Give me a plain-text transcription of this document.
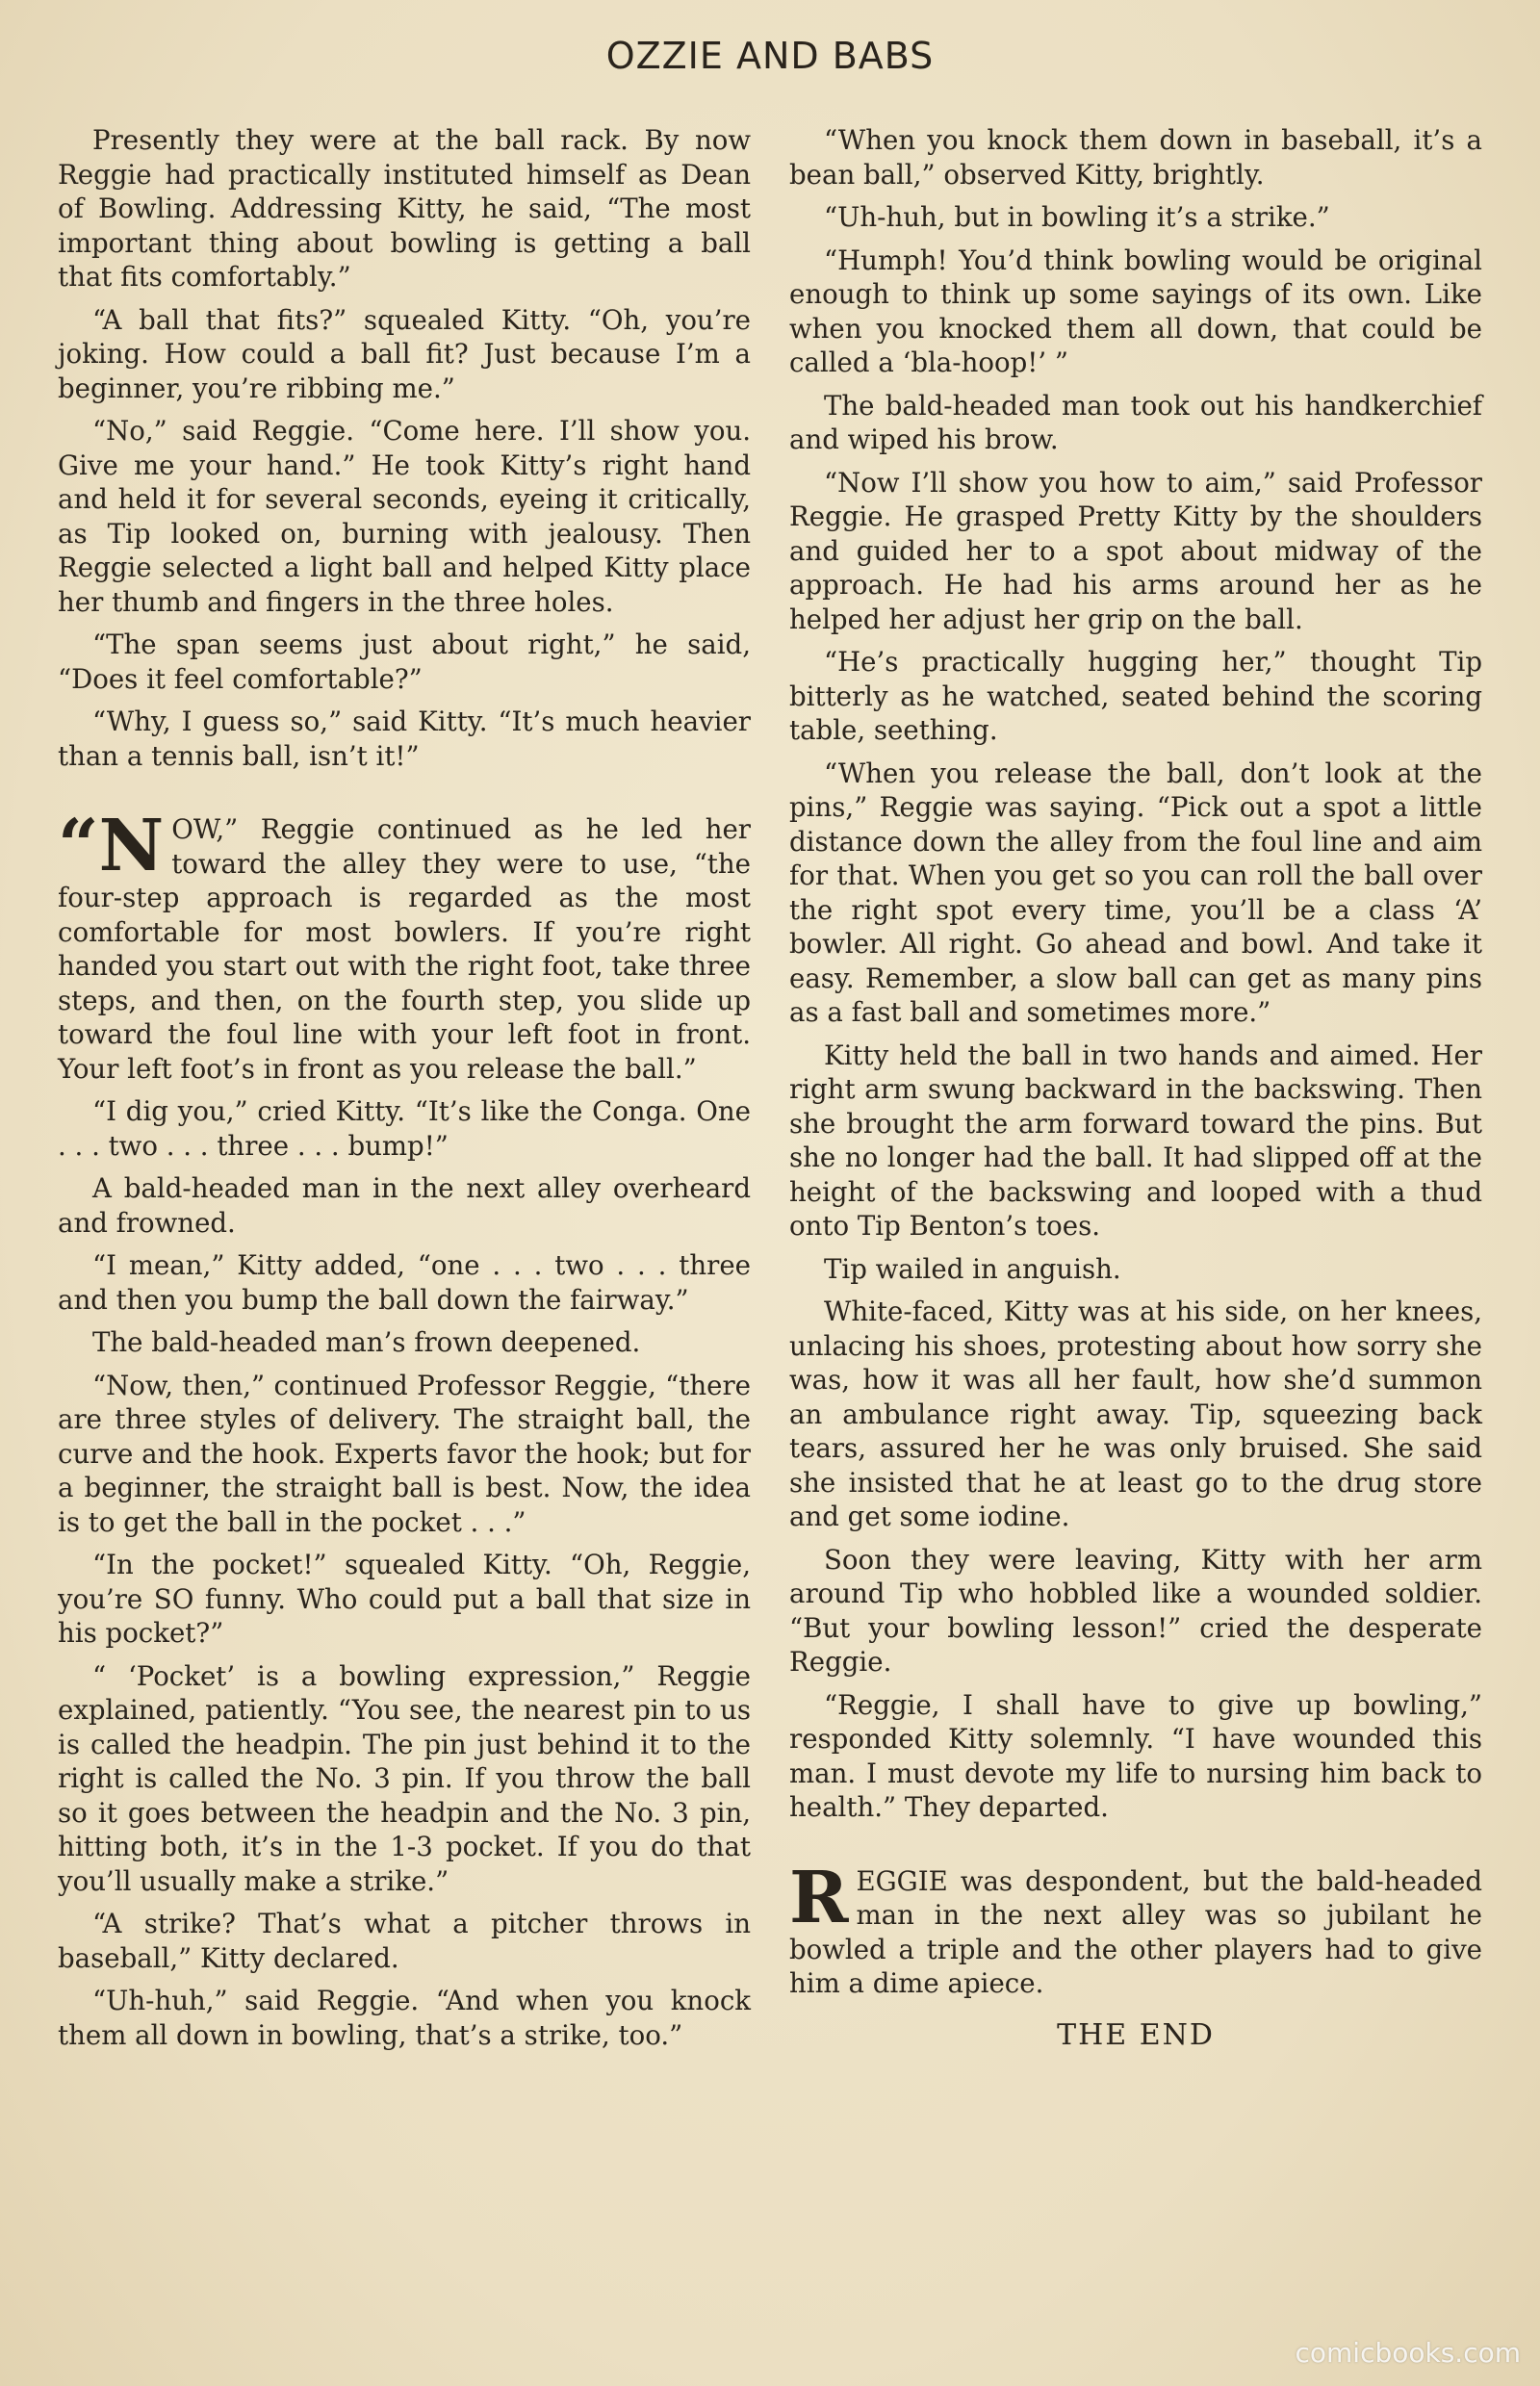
OZZIE AND BABS

Presently they were at the ball rack. By now Reggie had practically instituted himself as Dean of Bowling. Addressing Kitty, he said, “The most important thing about bowling is getting a ball that fits comfortably.”

“A ball that fits?” squealed Kitty. “Oh, you’re joking. How could a ball fit? Just because I’m a beginner, you’re ribbing me.”

“No,” said Reggie. “Come here. I’ll show you. Give me your hand.” He took Kitty’s right hand and held it for several seconds, eyeing it critically, as Tip looked on, burning with jealousy. Then Reggie selected a light ball and helped Kitty place her thumb and fingers in the three holes.

“The span seems just about right,” he said, “Does it feel comfortable?”

“Why, I guess so,” said Kitty. “It’s much heavier than a tennis ball, isn’t it!”

“NOW,” Reggie continued as he led her toward the alley they were to use, “the four-step approach is regarded as the most comfortable for most bowlers. If you’re right handed you start out with the right foot, take three steps, and then, on the fourth step, you slide up toward the foul line with your left foot in front. Your left foot’s in front as you release the ball.”

“I dig you,” cried Kitty. “It’s like the Conga. One . . . two . . . three . . . bump!”

A bald-headed man in the next alley overheard and frowned.

“I mean,” Kitty added, “one . . . two . . . three and then you bump the ball down the fairway.”

The bald-headed man’s frown deepened.

“Now, then,” continued Professor Reggie, “there are three styles of delivery. The straight ball, the curve and the hook. Experts favor the hook; but for a beginner, the straight ball is best. Now, the idea is to get the ball in the pocket . . .”

“In the pocket!” squealed Kitty. “Oh, Reggie, you’re SO funny. Who could put a ball that size in his pocket?”

“ ‘Pocket’ is a bowling expression,” Reggie explained, patiently. “You see, the nearest pin to us is called the headpin. The pin just behind it to the right is called the No. 3 pin. If you throw the ball so it goes between the headpin and the No. 3 pin, hitting both, it’s in the 1-3 pocket. If you do that you’ll usually make a strike.”

“A strike? That’s what a pitcher throws in baseball,” Kitty declared.

“Uh-huh,” said Reggie. “And when you knock them all down in bowling, that’s a strike, too.”

“When you knock them down in baseball, it’s a bean ball,” observed Kitty, brightly.

“Uh-huh, but in bowling it’s a strike.”

“Humph! You’d think bowling would be original enough to think up some sayings of its own. Like when you knocked them all down, that could be called a ‘bla-hoop!’ ”

The bald-headed man took out his handkerchief and wiped his brow.

“Now I’ll show you how to aim,” said Professor Reggie. He grasped Pretty Kitty by the shoulders and guided her to a spot about midway of the approach. He had his arms around her as he helped her adjust her grip on the ball.

“He’s practically hugging her,” thought Tip bitterly as he watched, seated behind the scoring table, seething.

“When you release the ball, don’t look at the pins,” Reggie was saying. “Pick out a spot a little distance down the alley from the foul line and aim for that. When you get so you can roll the ball over the right spot every time, you’ll be a class ‘A’ bowler. All right. Go ahead and bowl. And take it easy. Remember, a slow ball can get as many pins as a fast ball and sometimes more.”

Kitty held the ball in two hands and aimed. Her right arm swung backward in the backswing. Then she brought the arm forward toward the pins. But she no longer had the ball. It had slipped off at the height of the backswing and looped with a thud onto Tip Benton’s toes.

Tip wailed in anguish.

White-faced, Kitty was at his side, on her knees, unlacing his shoes, protesting about how sorry she was, how it was all her fault, how she’d summon an ambulance right away. Tip, squeezing back tears, assured her he was only bruised. She said she insisted that he at least go to the drug store and get some iodine.

Soon they were leaving, Kitty with her arm around Tip who hobbled like a wounded soldier. “But your bowling lesson!” cried the desperate Reggie.

“Reggie, I shall have to give up bowling,” responded Kitty solemnly. “I have wounded this man. I must devote my life to nursing him back to health.” They departed.

REGGIE was despondent, but the bald-headed man in the next alley was so jubilant he bowled a triple and the other players had to give him a dime apiece.

THE END
comicbooks.com
